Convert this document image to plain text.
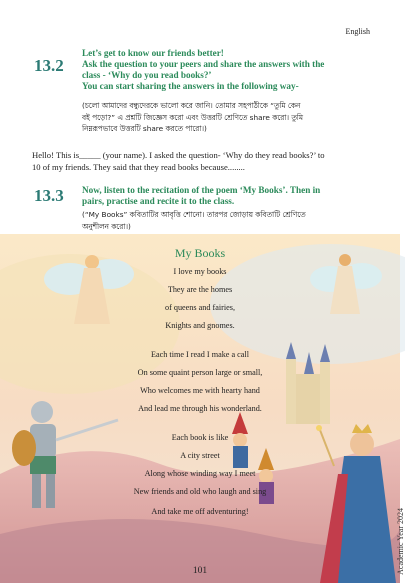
English
13.2
Let’s get to know our friends better!
Ask the question to your peers and share the answers with the
class - ‘Why do you read books?’
You can start sharing the answers in the following way-
(চলো আমাদের বন্ধুদেরকে ভালো করে জানি। তোমার সহপাঠীকে “তুমি কেন
বই পড়ো?” এ প্রশ্নটি জিজ্ঞেস করো এবং উত্তরটি শ্রেণিতে share করো। তুমি
নিম্নরূপভাবে উত্তরটি share করতে পারো।)
Hello! This is_____ (your name). I asked the question- ‘Why do they read books?’ to
10 of my friends. They said that they read books because........
13.3 Now, listen to the recitation of the poem ‘My Books’. Then in
pairs, practise and recite it to the class.
(“My Books” কবিতাটির আবৃত্তি শোনো। তারপর জোড়ায় কবিতাটি শ্রেণিতে
অনুশীলন করো।)
My Books
I love my books
They are the homes
of queens and fairies,
Knights and gnomes.
Each time I read I make a call
On some quaint person large or small,
Who welcomes me with hearty hand
And lead me through his wonderland.
Each book is like
A city street
Along whose winding way I meet
New friends and old who laugh and sing
And take me off adventuring!	Academic Year 2024
101
